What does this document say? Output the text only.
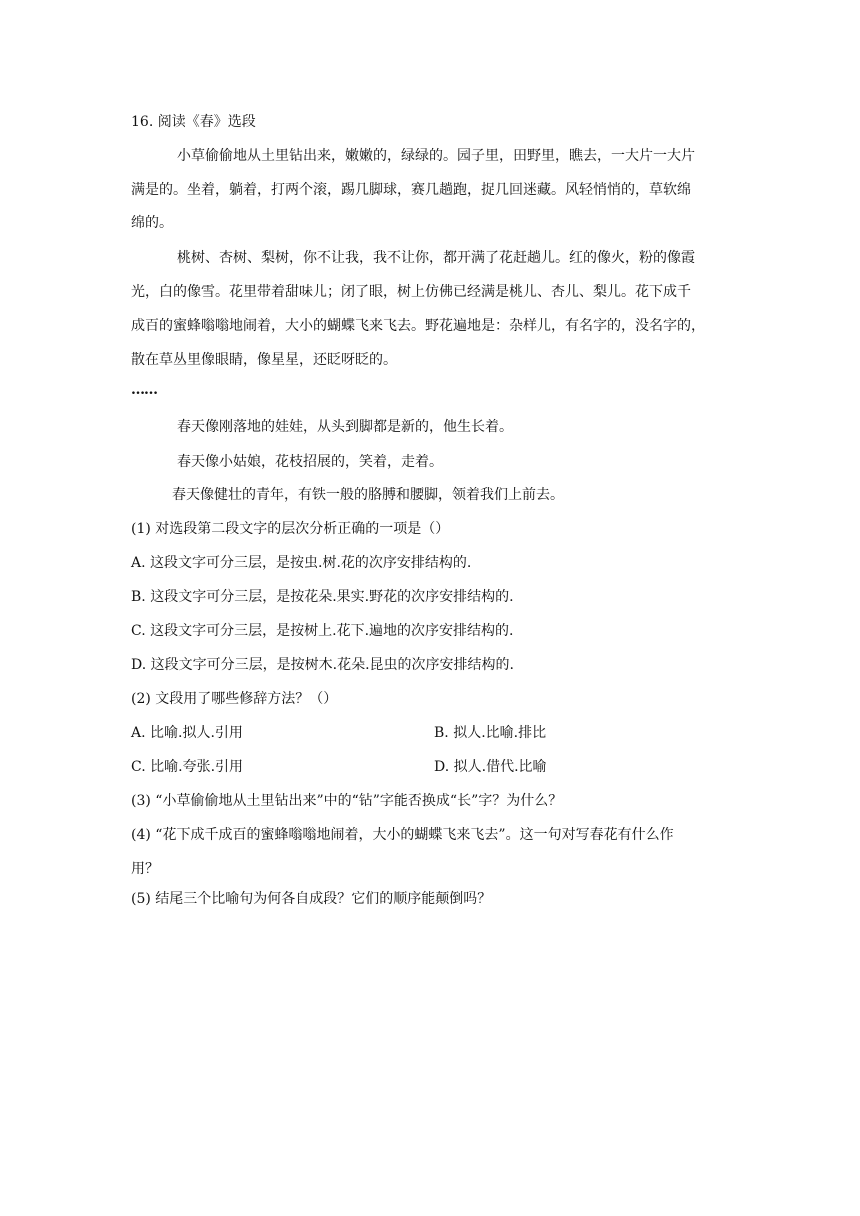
16. 阅读《春》选段
小草偷偷地从土里钻出来，嫩嫩的，绿绿的。园子里，田野里，瞧去，一大片一大片
满是的。坐着，躺着，打两个滚，踢几脚球，赛几趟跑，捉几回迷藏。风轻悄悄的，草软绵
绵的。
桃树、杏树、梨树，你不让我，我不让你，都开满了花赶趟儿。红的像火，粉的像霞
光，白的像雪。花里带着甜味儿；闭了眼，树上仿佛已经满是桃儿、杏儿、梨儿。花下成千
成百的蜜蜂嗡嗡地闹着，大小的蝴蝶飞来飞去。野花遍地是：杂样儿，有名字的，没名字的，
散在草丛里像眼睛，像星星，还眨呀眨的。
……
春天像刚落地的娃娃，从头到脚都是新的，他生长着。
春天像小姑娘，花枝招展的，笑着，走着。
春天像健壮的青年，有铁一般的胳膊和腰脚，领着我们上前去。
(1) 对选段第二段文字的层次分析正确的一项是（）
A. 这段文字可分三层，是按虫.树.花的次序安排结构的.
B. 这段文字可分三层，是按花朵.果实.野花的次序安排结构的.
C. 这段文字可分三层，是按树上.花下.遍地的次序安排结构的.
D. 这段文字可分三层，是按树木.花朵.昆虫的次序安排结构的.
(2) 文段用了哪些修辞方法？（）
A. 比喻.拟人.引用	B. 拟人.比喻.排比
C. 比喻.夸张.引用	D. 拟人.借代.比喻
(3) “小草偷偷地从土里钻出来”中的“钻”字能否换成“长”字？为什么？
(4) “花下成千成百的蜜蜂嗡嗡地闹着，大小的蝴蝶飞来飞去”。这一句对写春花有什么作
用？
(5) 结尾三个比喻句为何各自成段？它们的顺序能颠倒吗？
